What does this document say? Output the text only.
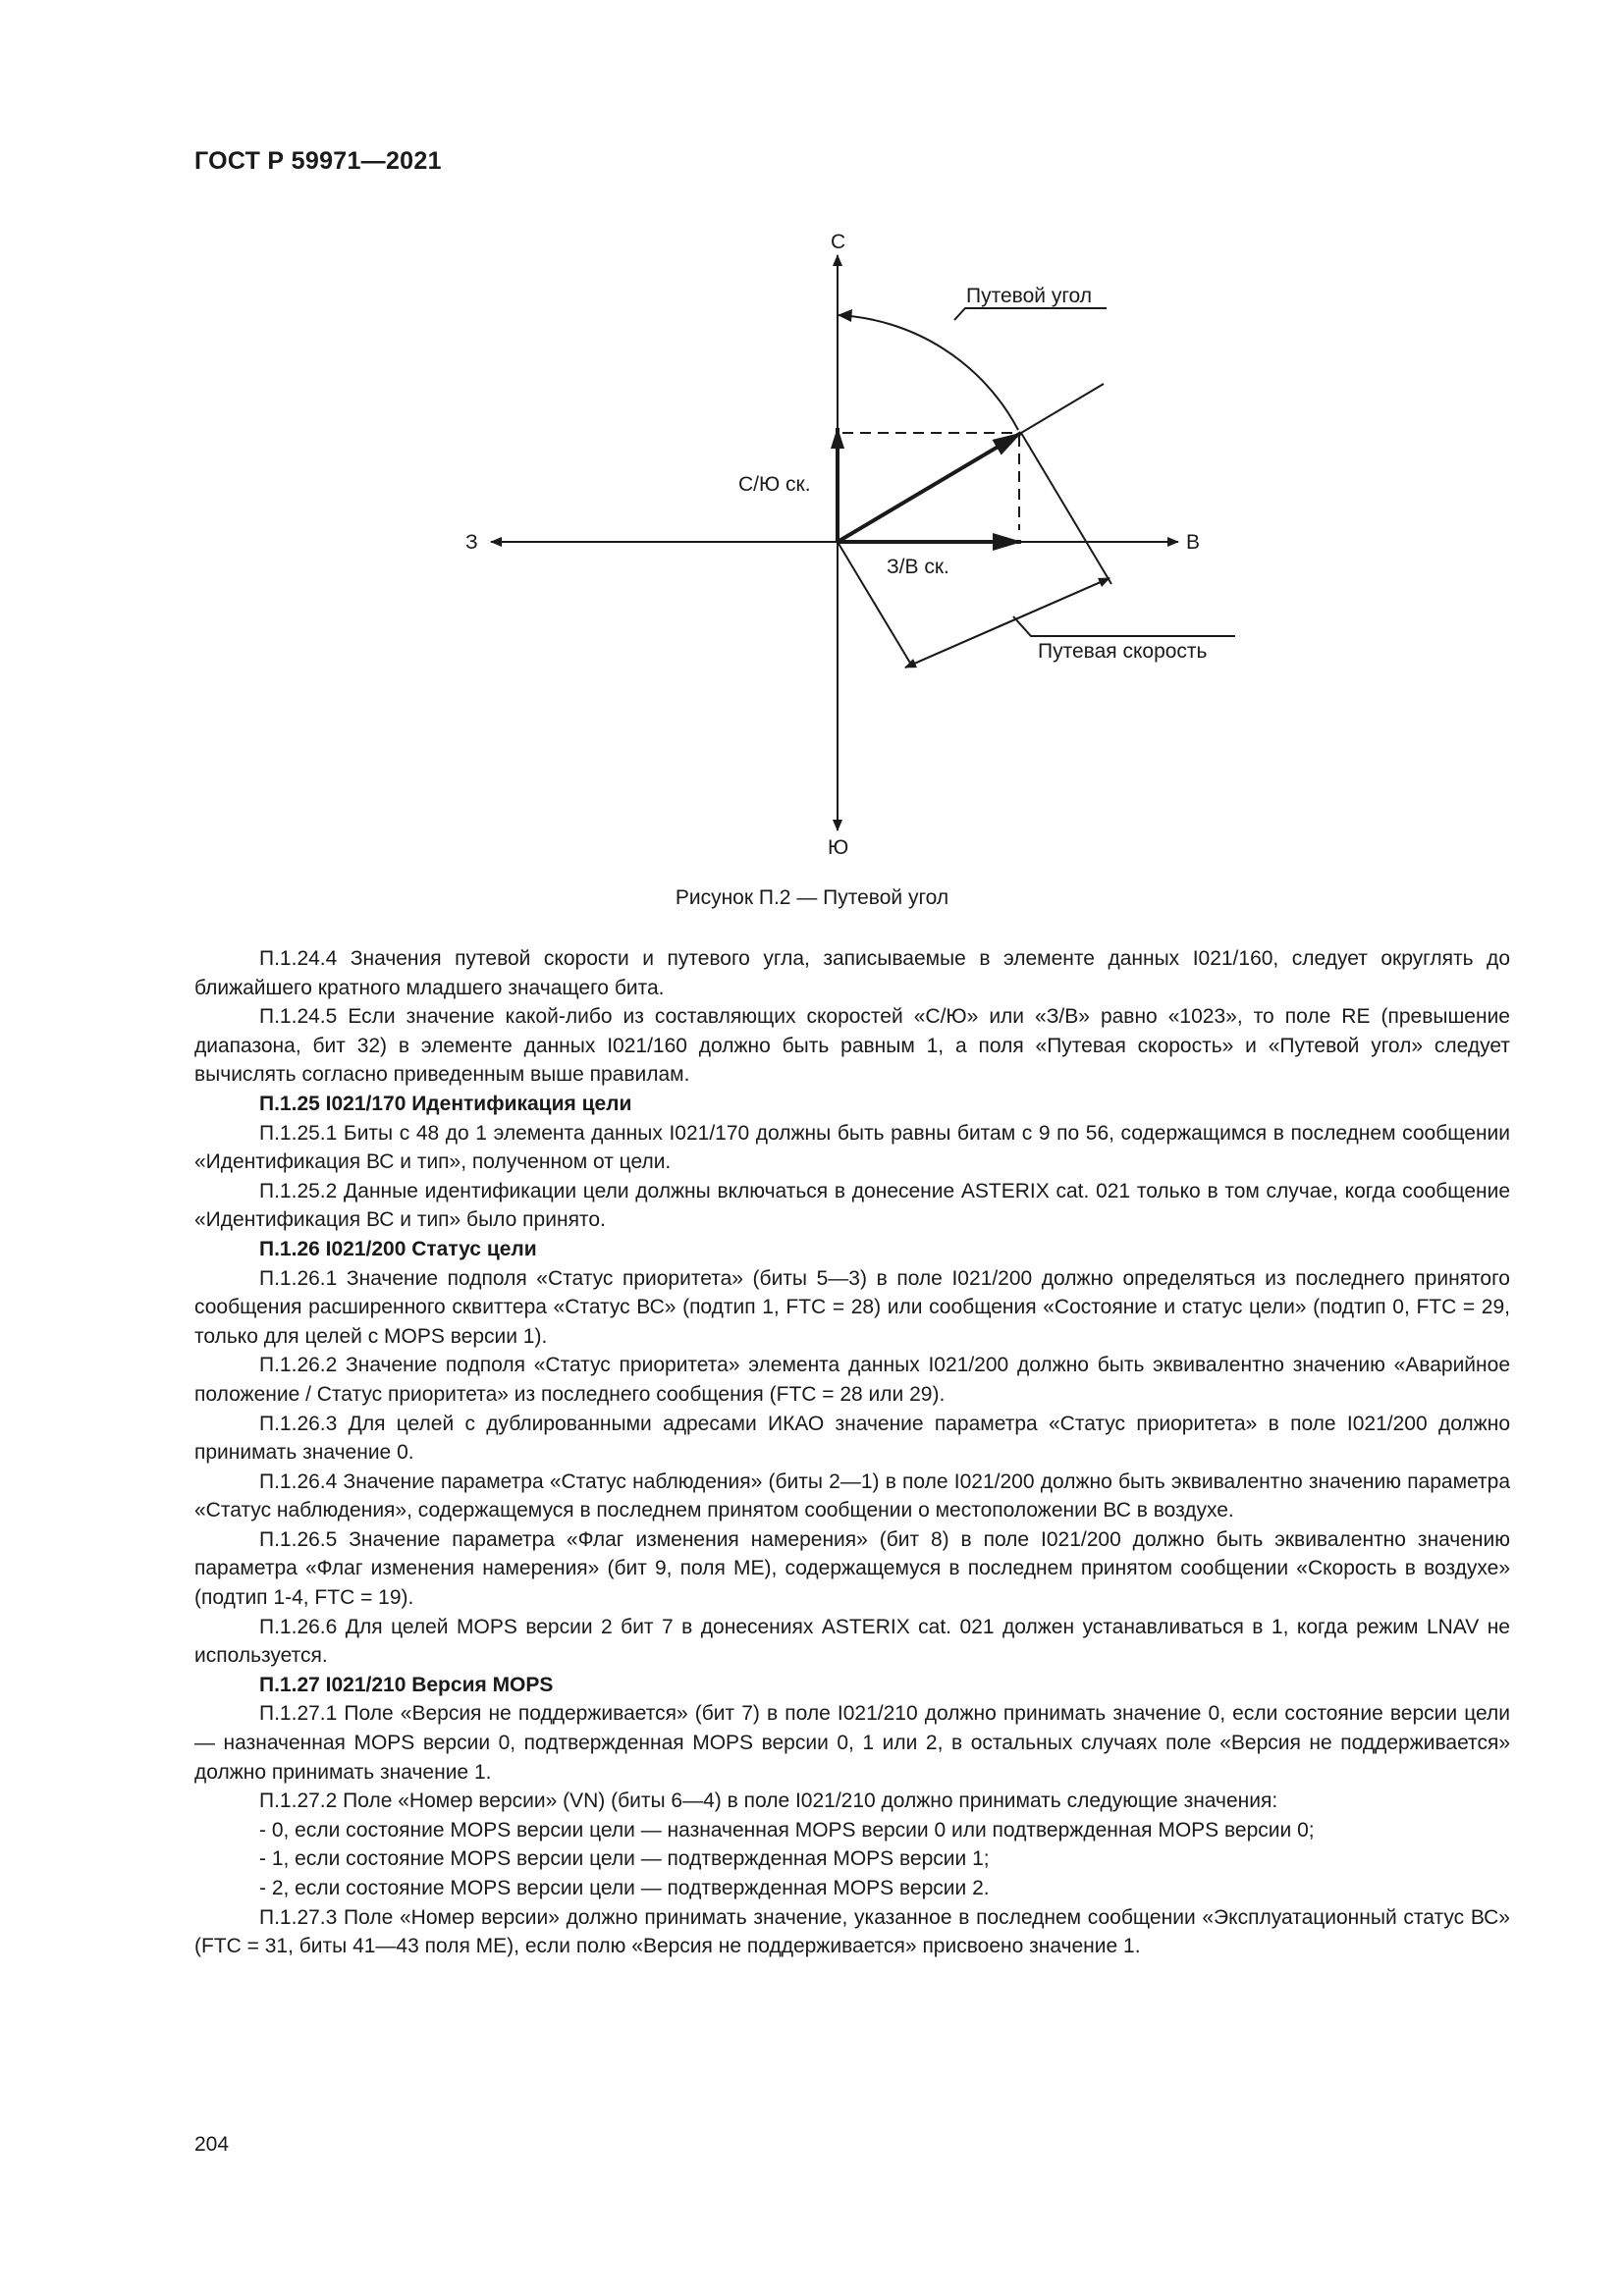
ГОСТ Р 59971—2021
С
Ю
З	В
С/Ю ск.
З/В ск.
Путевой угол
Путевая скорость
Рисунок П.2 — Путевой угол

П.1.24.4 Значения путевой скорости и путевого угла, записываемые в элементе данных I021/160, следует округлять до ближайшего кратного младшего значащего бита.

П.1.24.5 Если значение какой-либо из составляющих скоростей «С/Ю» или «З/В» равно «1023», то поле RE (превышение диапазона, бит 32) в элементе данных I021/160 должно быть равным 1, а поля «Путевая скорость» и «Путевой угол» следует вычислять согласно приведенным выше правилам.

П.1.25 I021/170 Идентификация цели

П.1.25.1 Биты с 48 до 1 элемента данных I021/170 должны быть равны битам с 9 по 56, содержащимся в последнем сообщении «Идентификация ВС и тип», полученном от цели.

П.1.25.2 Данные идентификации цели должны включаться в донесение ASTERIX cat. 021 только в том случае, когда сообщение «Идентификация ВС и тип» было принято.

П.1.26 I021/200 Статус цели

П.1.26.1 Значение подполя «Статус приоритета» (биты 5—3) в поле I021/200 должно определяться из последнего принятого сообщения расширенного сквиттера «Статус ВС» (подтип 1, FTC = 28) или сообщения «Состояние и статус цели» (подтип 0, FTC = 29, только для целей с MOPS версии 1).

П.1.26.2 Значение подполя «Статус приоритета» элемента данных I021/200 должно быть эквивалентно значению «Аварийное положение / Статус приоритета» из последнего сообщения (FTC = 28 или 29).

П.1.26.3 Для целей с дублированными адресами ИКАО значение параметра «Статус приоритета» в поле I021/200 должно принимать значение 0.

П.1.26.4 Значение параметра «Статус наблюдения» (биты 2—1) в поле I021/200 должно быть эквивалентно значению параметра «Статус наблюдения», содержащемуся в последнем принятом сообщении о местоположении ВС в воздухе.

П.1.26.5 Значение параметра «Флаг изменения намерения» (бит 8) в поле I021/200 должно быть эквивалентно значению параметра «Флаг изменения намерения» (бит 9, поля ME), содержащемуся в последнем принятом сообщении «Скорость в воздухе» (подтип 1-4, FTC = 19).

П.1.26.6 Для целей MOPS версии 2 бит 7 в донесениях ASTERIX cat. 021 должен устанавливаться в 1, когда режим LNAV не используется.

П.1.27 I021/210 Версия MOPS

П.1.27.1 Поле «Версия не поддерживается» (бит 7) в поле I021/210 должно принимать значение 0, если состояние версии цели — назначенная MOPS версии 0, подтвержденная MOPS версии 0, 1 или 2, в остальных случаях поле «Версия не поддерживается» должно принимать значение 1.

П.1.27.2 Поле «Номер версии» (VN) (биты 6—4) в поле I021/210 должно принимать следующие значения:

- 0, если состояние MOPS версии цели — назначенная MOPS версии 0 или подтвержденная MOPS версии 0;

- 1, если состояние MOPS версии цели — подтвержденная MOPS версии 1;

- 2, если состояние MOPS версии цели — подтвержденная MOPS версии 2.

П.1.27.3 Поле «Номер версии» должно принимать значение, указанное в последнем сообщении «Эксплуатационный статус ВС» (FTC = 31, биты 41—43 поля ME), если полю «Версия не поддерживается» присвоено значение 1.

204
